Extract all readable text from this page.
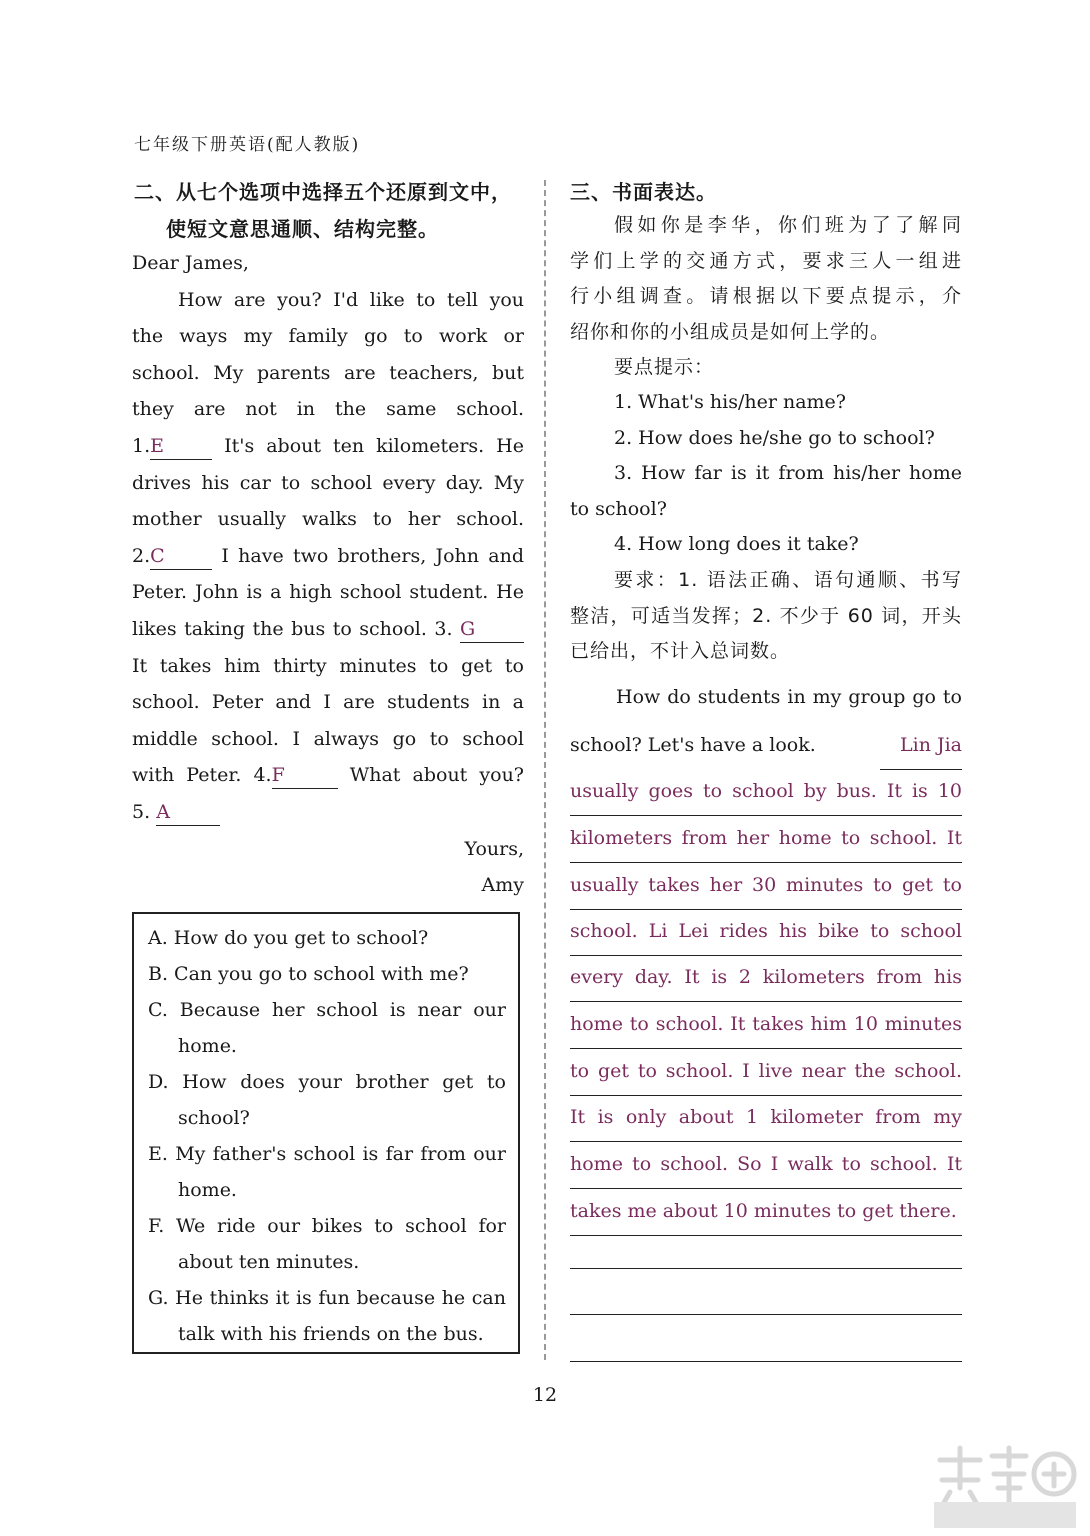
七年级下册英语(配人教版)
二、从七个选项中选择五个还原到文中，
使短文意思通顺、结构完整。
Dear James,
How are you? I'd like to tell you
the ways my family go to work or
school. My parents are teachers, but
they are not in the same school.
1.E	It's about ten kilometers. He
drives his car to school every day. My
mother usually walks to her school.
2.C	I have two brothers, John and
Peter. John is a high school student. He
likes taking the bus to school. 3. G
It takes him thirty minutes to get to
school. Peter and I are students in a
middle school. I always go to school
with Peter. 4.F	What about you?
5. A
Yours,
Amy
A. How do you get to school?
B. Can you go to school with me?
C. Because her school is near our
home.
D. How does your brother get to
school?
E. My father's school is far from our
home.
F. We ride our bikes to school for
about ten minutes.
G. He thinks it is fun because he can
talk with his friends on the bus.
三、书面表达。
假如你是李华，你们班为了了解同
学们上学的交通方式，要求三人一组进
行小组调查。请根据以下要点提示，介
绍你和你的小组成员是如何上学的。
要点提示：
1. What's his/her name?
2. How does he/she go to school?
3. How far is it from his/her home
to school?
4. How long does it take?
要求：1. 语法正确、语句通顺、书写
整洁，可适当发挥；2. 不少于 60 词，开头
已给出，不计入总词数。
How do students in my group go to
school? Let's have a look.	Lin Jia
usually goes to school by bus. It is 10
kilometers from her home to school. It
usually takes her 30 minutes to get to
school. Li Lei rides his bike to school
every day. It is 2 kilometers from his
home to school. It takes him 10 minutes
to get to school. I live near the school.
It is only about 1 kilometer from my
home to school. So I walk to school. It
takes me about 10 minutes to get there.
12
